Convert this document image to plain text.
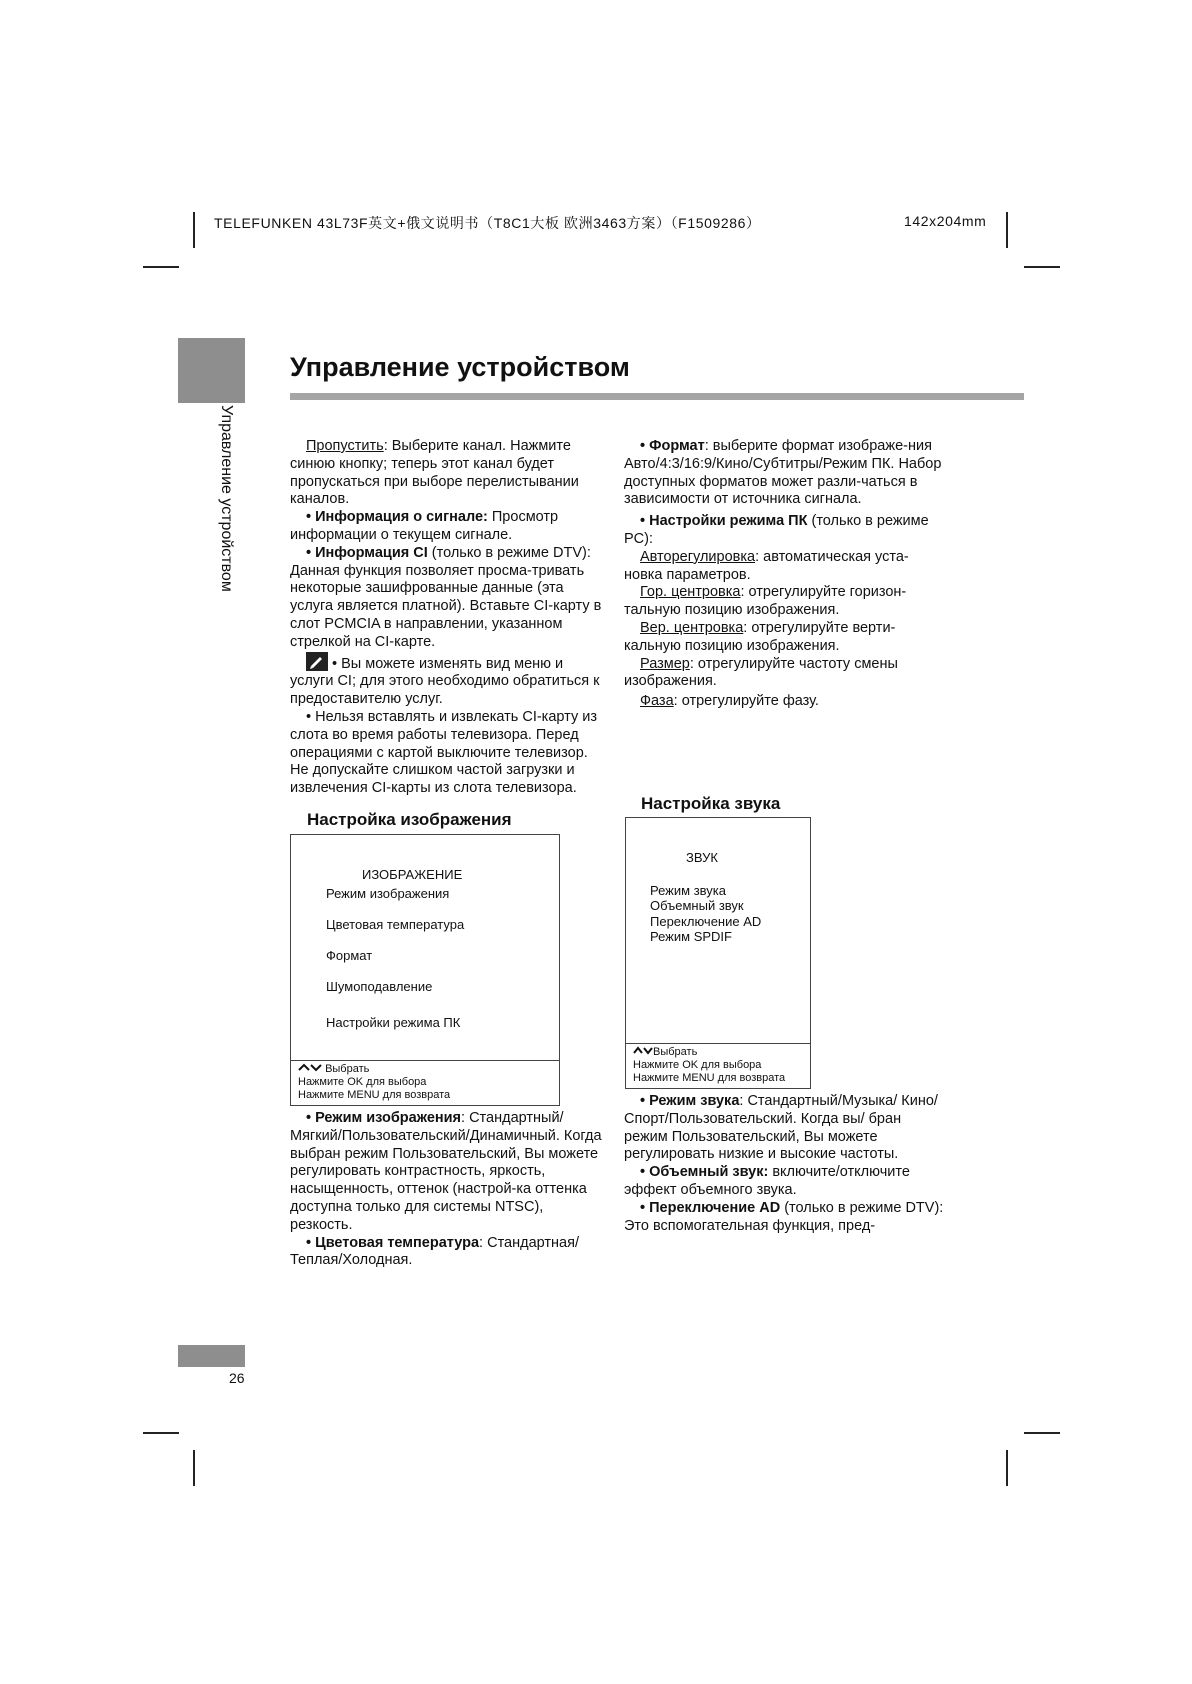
TELEFUNKEN 43L73F英文+俄文说明书（T8C1大板 欧洲3463方案）（F1509286）	142x204mm
Управление устройством
Управление устройством

Пропустить: Выберите канал. Нажмите синюю кнопку; теперь этот канал будет пропускаться при выборе перелистывании каналов.

• Информация о сигнале: Просмотр информации о текущем сигнале.

• Информация CI (только в режиме DTV): Данная функция позволяет просма-тривать некоторые зашифрованные данные (эта услуга является платной). Вставьте CI-карту в слот PCMCIA в направлении, указанном стрелкой на CI-карте.

• Вы можете изменять вид меню и услуги CI; для этого необходимо обратиться к предоставителю услуг.

• Нельзя вставлять и извлекать CI-карту из слота во время работы телевизора. Перед операциями с картой выключите телевизор. Не допускайте слишком частой загрузки и извлечения CI-карты из слота телевизора.

Настройка изображения
ИЗОБРАЖЕНИЕ
Режим изображения
Цветовая температура
Формат
Шумоподавление
Настройки режима ПК
Выбрать
Нажмите OK для выбора
Нажмите MENU для возврата

• Режим изображения: Стандартный/ Мягкий/Пользовательский/Динамичный. Когда выбран режим Пользовательский, Вы можете регулировать контрастность, яркость, насыщенность, оттенок (настрой-ка оттенка доступна только для системы NTSC), резкость.

• Цветовая температура: Стандартная/ Теплая/Холодная.

• Формат: выберите формат изображе-ния Авто/4:3/16:9/Кино/Субтитры/Режим ПК. Набор доступных форматов может разли-чаться в зависимости от источника сигнала.

• Настройки режима ПК (только в режиме PC):

Авторегулировка: автоматическая уста-новка параметров.

Гор. центровка: отрегулируйте горизон-тальную позицию изображения.

Вер. центровка: отрегулируйте верти-кальную позицию изображения.

Размер: отрегулируйте частоту смены изображения.

Фаза: отрегулируйте фазу.

Настройка звука
ЗВУК
Режим звука
Объемный звук
Переключение AD
Режим SPDIF
Выбрать
Нажмите OK для выбора
Нажмите MENU для возврата

• Режим звука: Стандартный/Музыка/ Кино/Спорт/Пользовательский. Когда вы/ бран режим Пользовательский, Вы можете регулировать низкие и высокие частоты.

• Объемный звук: включите/отключите эффект объемного звука.

• Переключение AD (только в режиме DTV): Это вспомогательная функция, пред-

26
